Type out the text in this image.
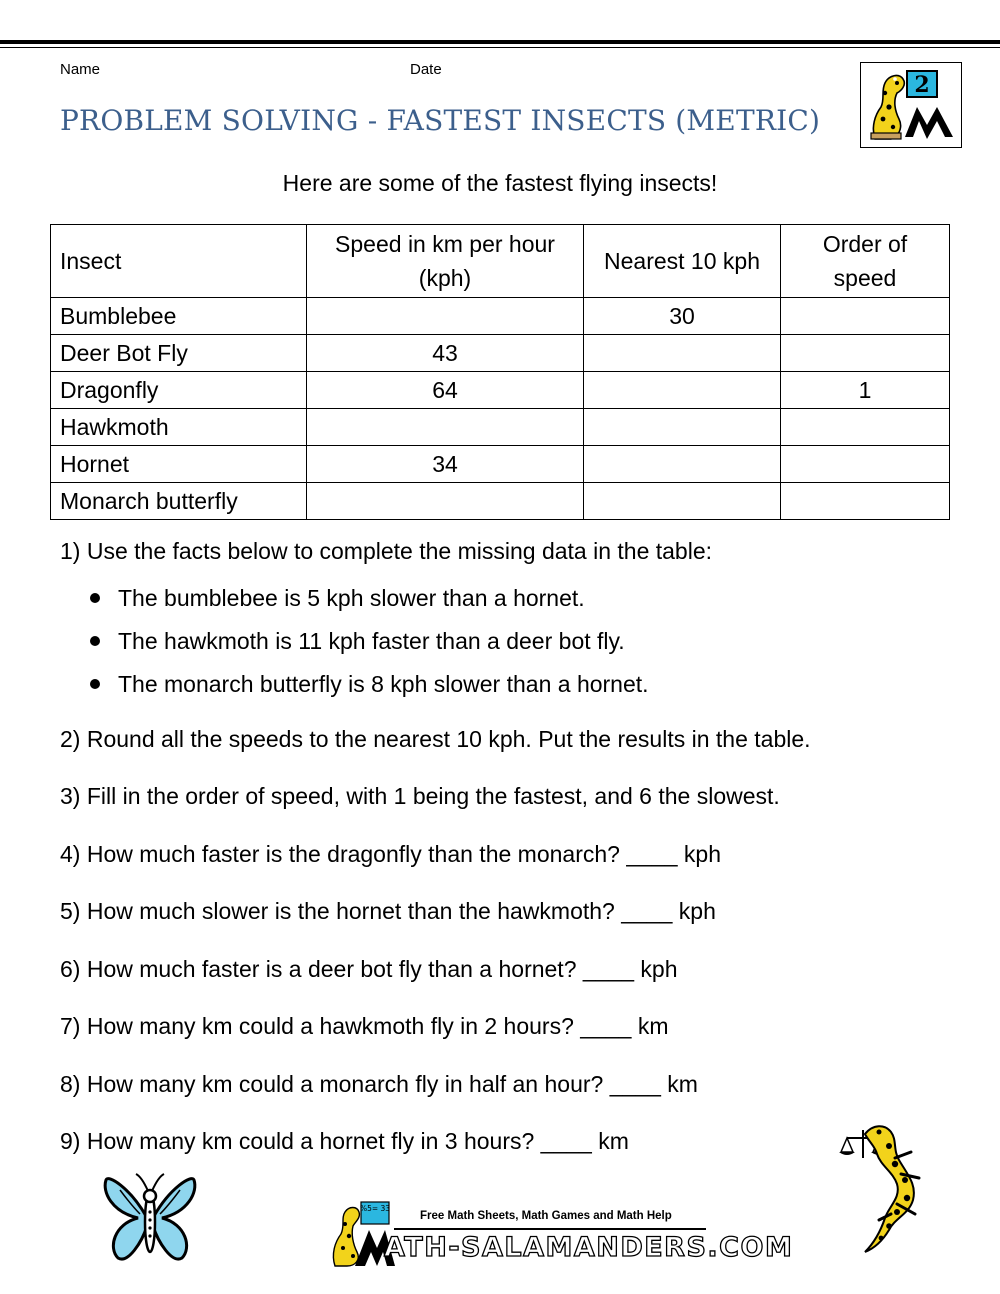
Name	Date
PROBLEM SOLVING - FASTEST INSECTS (METRIC)
2
Here are some of the fastest flying insects!
Insect	Speed in km per hour (kph)	Nearest 10 kph	Order of speed
Bumblebee		30	
Deer Bot Fly	43		
Dragonfly	64		1
Hawkmoth			
Hornet	34		
Monarch butterfly			

1) Use the facts below to complete the missing data in the table:

The bumblebee is 5 kph slower than a hornet.
The hawkmoth is 11 kph faster than a deer bot fly.
The monarch butterfly is 8 kph slower than a hornet.

2) Round all the speeds to the nearest 10 kph. Put the results in the table.

3) Fill in the order of speed, with 1 being the fastest, and 6 the slowest.

4) How much faster is the dragonfly than the monarch? ____ kph

5) How much slower is the hornet than the hawkmoth? ____ kph

6) How much faster is a deer bot fly than a hornet? ____ kph

7) How many km could a hawkmoth fly in 2 hours? ____ km

8) How many km could a monarch fly in half an hour? ____ km

9) How many km could a hornet fly in 3 hours? ____ km

%5= 33
Free Math Sheets, Math Games and Math Help
ATH-SALAMANDERS.COM
